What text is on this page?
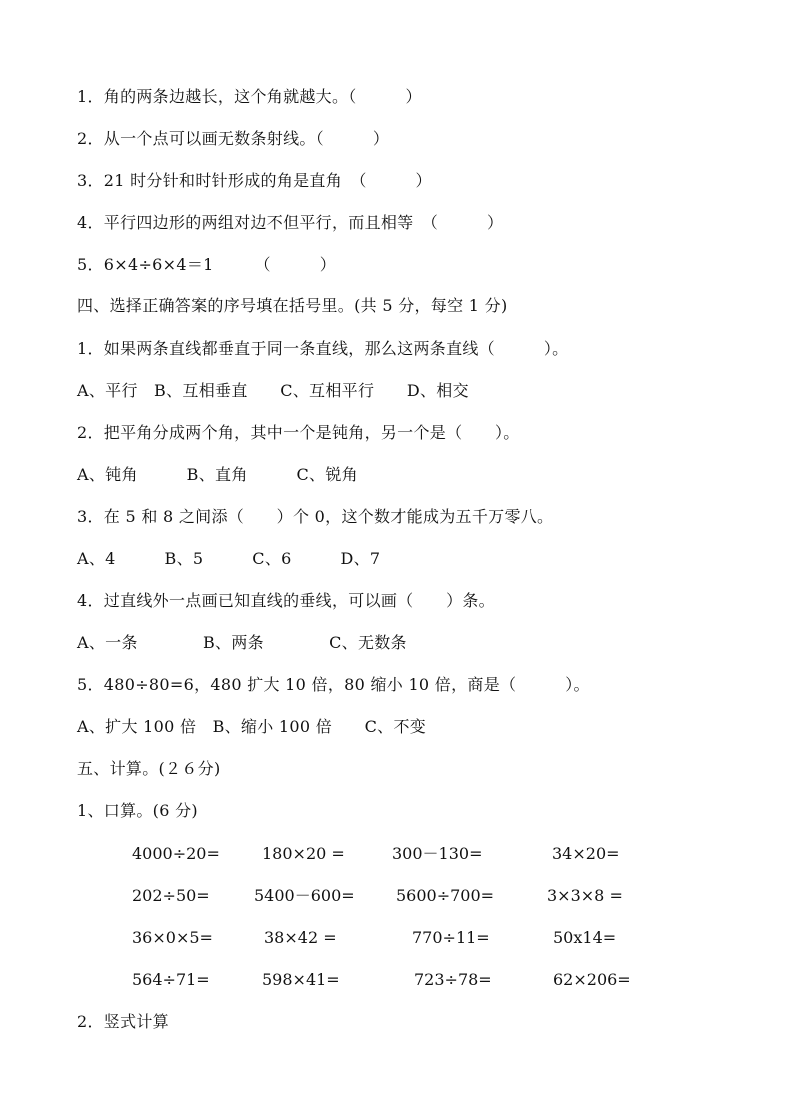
1．角的两条边越长，这个角就越大。（　　　）
2．从一个点可以画无数条射线。（　　　）
3．21 时分针和时针形成的角是直角　（　　　）
4．平行四边形的两组对边不但平行，而且相等　（　　　）
5．6×4÷6×4＝1　　　（　　　）
四、选择正确答案的序号填在括号里。(共 5 分，每空 1 分)
1．如果两条直线都垂直于同一条直线，那么这两条直线（　　　）。
A、平行　B、互相垂直　　C、互相平行　　D、相交
2．把平角分成两个角，其中一个是钝角，另一个是（　　）。
A、钝角　　　B、直角　　　C、锐角
3．在 5 和 8 之间添（　　）个 0，这个数才能成为五千万零八。
A、4　　　B、5　　　C、6　　　D、7
4．过直线外一点画已知直线的垂线，可以画（　　）条。
A、一条　　　　B、两条　　　　C、无数条
5．480÷80=6，480 扩大 10 倍，80 缩小 10 倍，商是（　　　）。
A、扩大 100 倍　B、缩小 100 倍　　C、不变
五、计算。(２６分)
1、口算。(6 分)
4000÷20=	180×20 =	300－130=	34×20=
202÷50=	5400－600=	5600÷700=	3×3×8 =
36×0×5=	38×42 =	770÷11=	50x14=
564÷71=	598×41=	723÷78=	62×206=
2．竖式计算
